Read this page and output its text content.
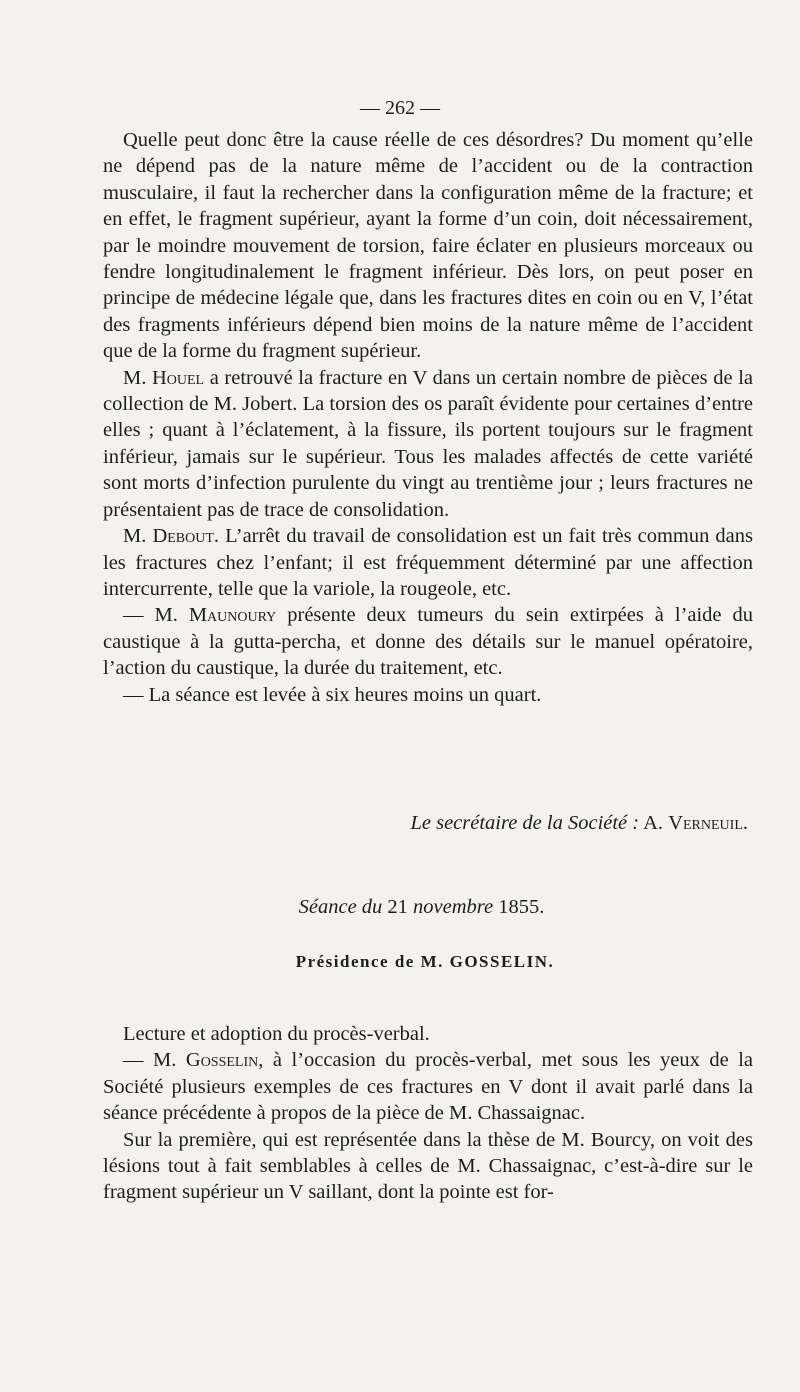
— 262 —

Quelle peut donc être la cause réelle de ces désordres? Du moment qu’elle ne dépend pas de la nature même de l’accident ou de la contraction musculaire, il faut la rechercher dans la configuration même de la fracture; et en effet, le fragment supérieur, ayant la forme d’un coin, doit nécessairement, par le moindre mouvement de torsion, faire éclater en plusieurs morceaux ou fendre longitudinalement le fragment inférieur. Dès lors, on peut poser en principe de médecine légale que, dans les fractures dites en coin ou en V, l’état des fragments inférieurs dépend bien moins de la nature même de l’accident que de la forme du fragment supérieur.

M. Houel a retrouvé la fracture en V dans un certain nombre de pièces de la collection de M. Jobert. La torsion des os paraît évidente pour certaines d’entre elles ; quant à l’éclatement, à la fissure, ils portent toujours sur le fragment inférieur, jamais sur le supérieur. Tous les malades affectés de cette variété sont morts d’infection purulente du vingt au trentième jour ; leurs fractures ne présentaient pas de trace de consolidation.

M. Debout. L’arrêt du travail de consolidation est un fait très commun dans les fractures chez l’enfant; il est fréquemment déterminé par une affection intercurrente, telle que la variole, la rougeole, etc.

— M. Maunoury présente deux tumeurs du sein extirpées à l’aide du caustique à la gutta-percha, et donne des détails sur le manuel opératoire, l’action du caustique, la durée du traitement, etc.

— La séance est levée à six heures moins un quart.

Le secrétaire de la Société : A. Verneuil.
Séance du 21 novembre 1855.
Présidence de M. GOSSELIN.

Lecture et adoption du procès-verbal.

— M. Gosselin, à l’occasion du procès-verbal, met sous les yeux de la Société plusieurs exemples de ces fractures en V dont il avait parlé dans la séance précédente à propos de la pièce de M. Chassaignac.

Sur la première, qui est représentée dans la thèse de M. Bourcy, on voit des lésions tout à fait semblables à celles de M. Chassaignac, c’est-à-dire sur le fragment supérieur un V saillant, dont la pointe est for-
